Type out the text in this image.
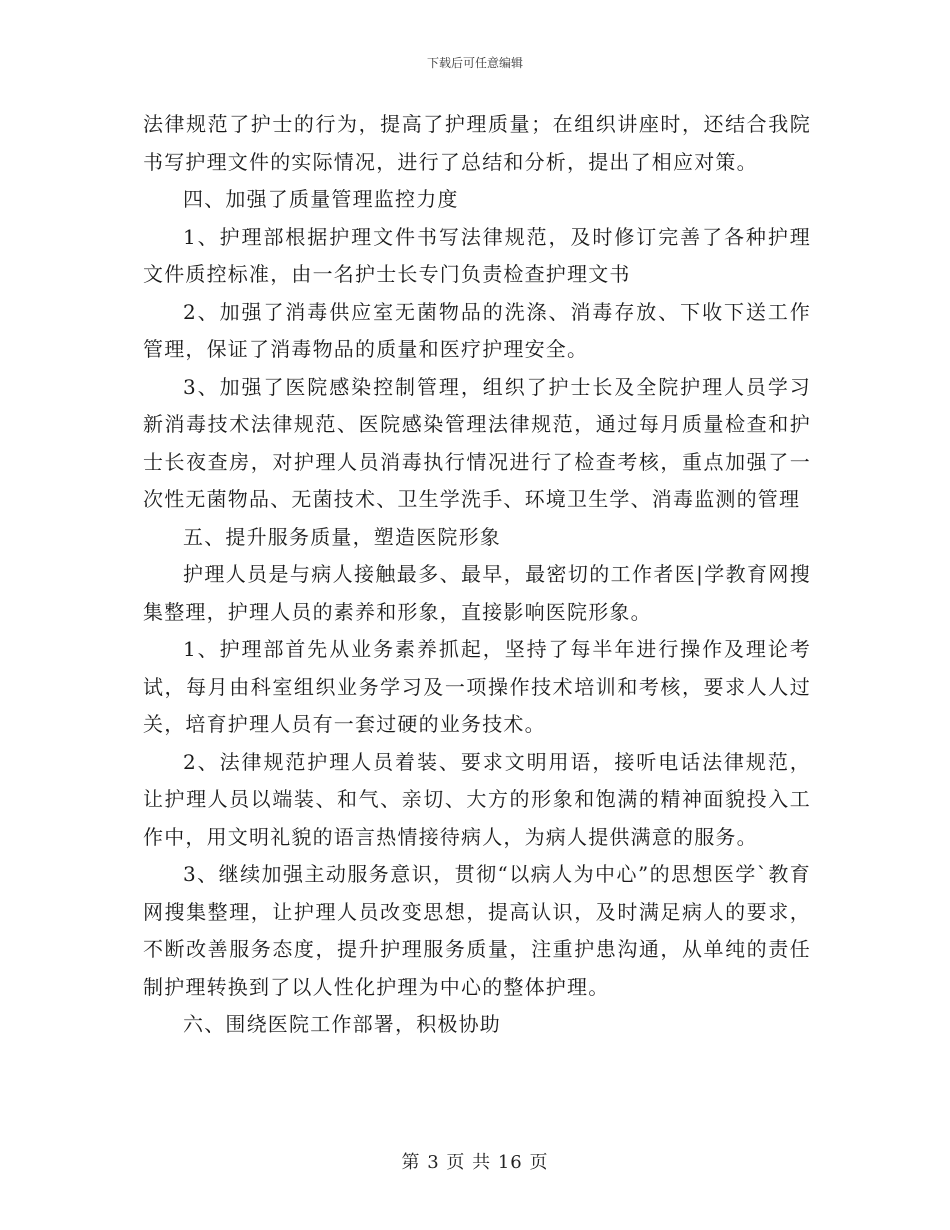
下载后可任意编辑

法律规范了护士的行为，提高了护理质量；在组织讲座时，还结合我院书写护理文件的实际情况，进行了总结和分析，提出了相应对策。

四、加强了质量管理监控力度

1、护理部根据护理文件书写法律规范，及时修订完善了各种护理文件质控标准，由一名护士长专门负责检查护理文书

2、加强了消毒供应室无菌物品的洗涤、消毒存放、下收下送工作管理，保证了消毒物品的质量和医疗护理安全。

3、加强了医院感染控制管理，组织了护士长及全院护理人员学习新消毒技术法律规范、医院感染管理法律规范，通过每月质量检查和护士长夜查房，对护理人员消毒执行情况进行了检查考核，重点加强了一次性无菌物品、无菌技术、卫生学洗手、环境卫生学、消毒监测的管理

五、提升服务质量，塑造医院形象

护理人员是与病人接触最多、最早，最密切的工作者医|学教育网搜集整理，护理人员的素养和形象，直接影响医院形象。

1、护理部首先从业务素养抓起，坚持了每半年进行操作及理论考试，每月由科室组织业务学习及一项操作技术培训和考核，要求人人过关，培育护理人员有一套过硬的业务技术。

2、法律规范护理人员着装、要求文明用语，接听电话法律规范，让护理人员以端装、和气、亲切、大方的形象和饱满的精神面貌投入工作中，用文明礼貌的语言热情接待病人，为病人提供满意的服务。

3、继续加强主动服务意识，贯彻“以病人为中心”的思想医学`教育网搜集整理，让护理人员改变思想，提高认识，及时满足病人的要求，不断改善服务态度，提升护理服务质量，注重护患沟通，从单纯的责任制护理转换到了以人性化护理为中心的整体护理。

六、围绕医院工作部署，积极协助

第 3 页 共 16 页
